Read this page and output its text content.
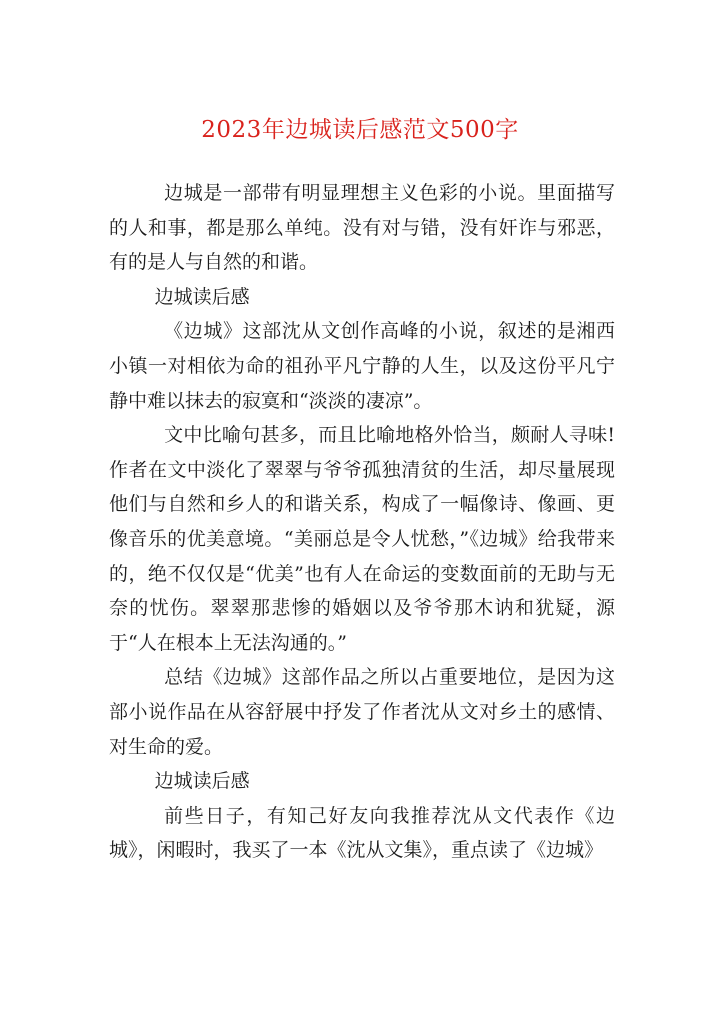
2023年边城读后感范文500字

边城是一部带有明显理想主义色彩的小说。里面描写的人和事，都是那么单纯。没有对与错，没有奸诈与邪恶，有的是人与自然的和谐。

边城读后感

《边城》这部沈从文创作高峰的小说，叙述的是湘西小镇一对相依为命的祖孙平凡宁静的人生，以及这份平凡宁静中难以抹去的寂寞和“淡淡的凄凉”。

文中比喻句甚多，而且比喻地格外恰当，颇耐人寻味!作者在文中淡化了翠翠与爷爷孤独清贫的生活，却尽量展现他们与自然和乡人的和谐关系，构成了一幅像诗、像画、更像音乐的优美意境。“美丽总是令人忧愁，”《边城》给我带来的，绝不仅仅是“优美”也有人在命运的变数面前的无助与无奈的忧伤。翠翠那悲惨的婚姻以及爷爷那木讷和犹疑，源于“人在根本上无法沟通的。”

总结《边城》这部作品之所以占重要地位，是因为这部小说作品在从容舒展中抒发了作者沈从文对乡土的感情、对生命的爱。

边城读后感

前些日子，有知己好友向我推荐沈从文代表作《边城》，闲暇时，我买了一本《沈从文集》，重点读了《边城》
